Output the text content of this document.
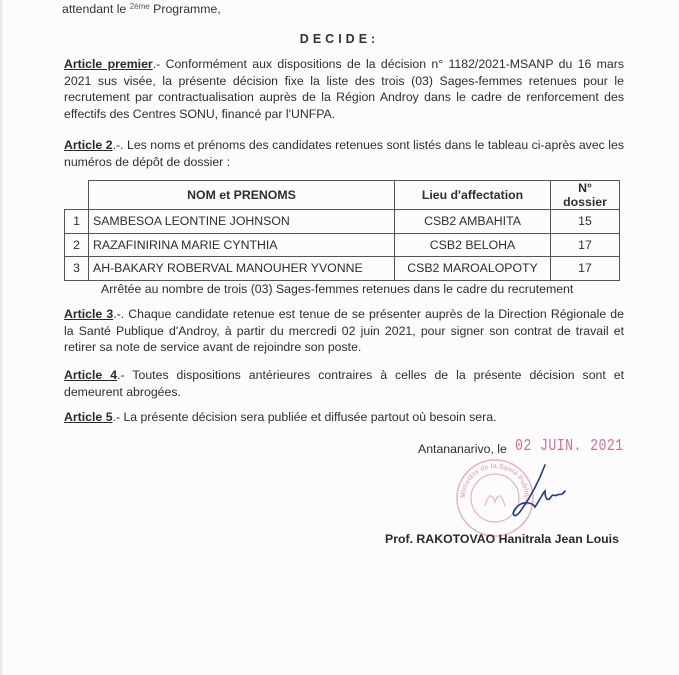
attendant le $^{2ème}$ Programme,
DECIDE:
Article premier.- Conformément aux dispositions de la décision n° 1182/2021-MSANP du 16 mars 2021 sus visée, la présente décision fixe la liste des trois (03) Sages-femmes retenues pour le recrutement par contractualisation auprès de la Région Androy dans le cadre de renforcement des effectifs des Centres SONU, financé par l'UNFPA.
Article 2.-. Les noms et prénoms des candidates retenues sont listés dans le tableau ci-après avec les numéros de dépôt de dossier :
	NOM et PRENOMS	Lieu d'affectation	N° dossier
1	SAMBESOA LEONTINE JOHNSON	CSB2 AMBAHITA	15
2	RAZAFINIRINA MARIE CYNTHIA	CSB2 BELOHA	17
3	AH-BAKARY ROBERVAL MANOUHER YVONNE	CSB2 MAROALOPOTY	17
Arrêtée au nombre de trois (03) Sages-femmes retenues dans le cadre du recrutement
Article 3.-. Chaque candidate retenue est tenue de se présenter auprès de la Direction Régionale de la Santé Publique d'Androy, à partir du mercredi 02 juin 2021, pour signer son contrat de travail et retirer sa note de service avant de rejoindre son poste.
Article 4.- Toutes dispositions antérieures contraires à celles de la présente décision sont et demeurent abrogées.
Article 5.- La présente décision sera publiée et diffusée partout où besoin sera.
Antananarivo, le 02 JUIN. 2021
Ministère de la Santé Publique
Prof. RAKOTOVAO Hanitrala Jean Louis
